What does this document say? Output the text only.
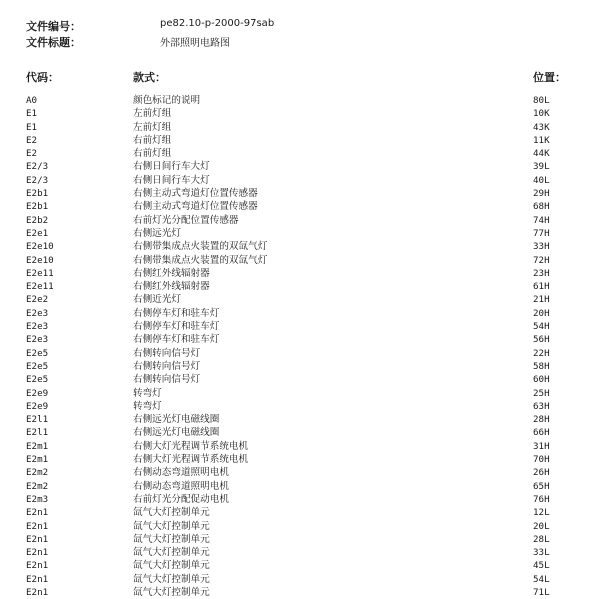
文件编号：	pe82.10-p-2000-97sab
文件标题：	外部照明电路图
代码：	款式：	位置：
A0	颜色标记的说明	80L
E1	左前灯组	10K
E1	左前灯组	43K
E2	右前灯组	11K
E2	右前灯组	44K
E2/3	右侧日间行车大灯	39L
E2/3	右侧日间行车大灯	40L
E2b1	右侧主动式弯道灯位置传感器	29H
E2b1	右侧主动式弯道灯位置传感器	68H
E2b2	右前灯光分配位置传感器	74H
E2e1	右侧远光灯	77H
E2e10	右侧带集成点火装置的双氙气灯	33H
E2e10	右侧带集成点火装置的双氙气灯	72H
E2e11	右侧红外线辐射器	23H
E2e11	右侧红外线辐射器	61H
E2e2	右侧近光灯	21H
E2e3	右侧停车灯和驻车灯	20H
E2e3	右侧停车灯和驻车灯	54H
E2e3	右侧停车灯和驻车灯	56H
E2e5	右侧转向信号灯	22H
E2e5	右侧转向信号灯	58H
E2e5	右侧转向信号灯	60H
E2e9	转弯灯	25H
E2e9	转弯灯	63H
E2l1	右侧远光灯电磁线圈	28H
E2l1	右侧远光灯电磁线圈	66H
E2m1	右侧大灯光程调节系统电机	31H
E2m1	右侧大灯光程调节系统电机	70H
E2m2	右侧动态弯道照明电机	26H
E2m2	右侧动态弯道照明电机	65H
E2m3	右前灯光分配促动电机	76H
E2n1	氙气大灯控制单元	12L
E2n1	氙气大灯控制单元	20L
E2n1	氙气大灯控制单元	28L
E2n1	氙气大灯控制单元	33L
E2n1	氙气大灯控制单元	45L
E2n1	氙气大灯控制单元	54L
E2n1	氙气大灯控制单元	71L
